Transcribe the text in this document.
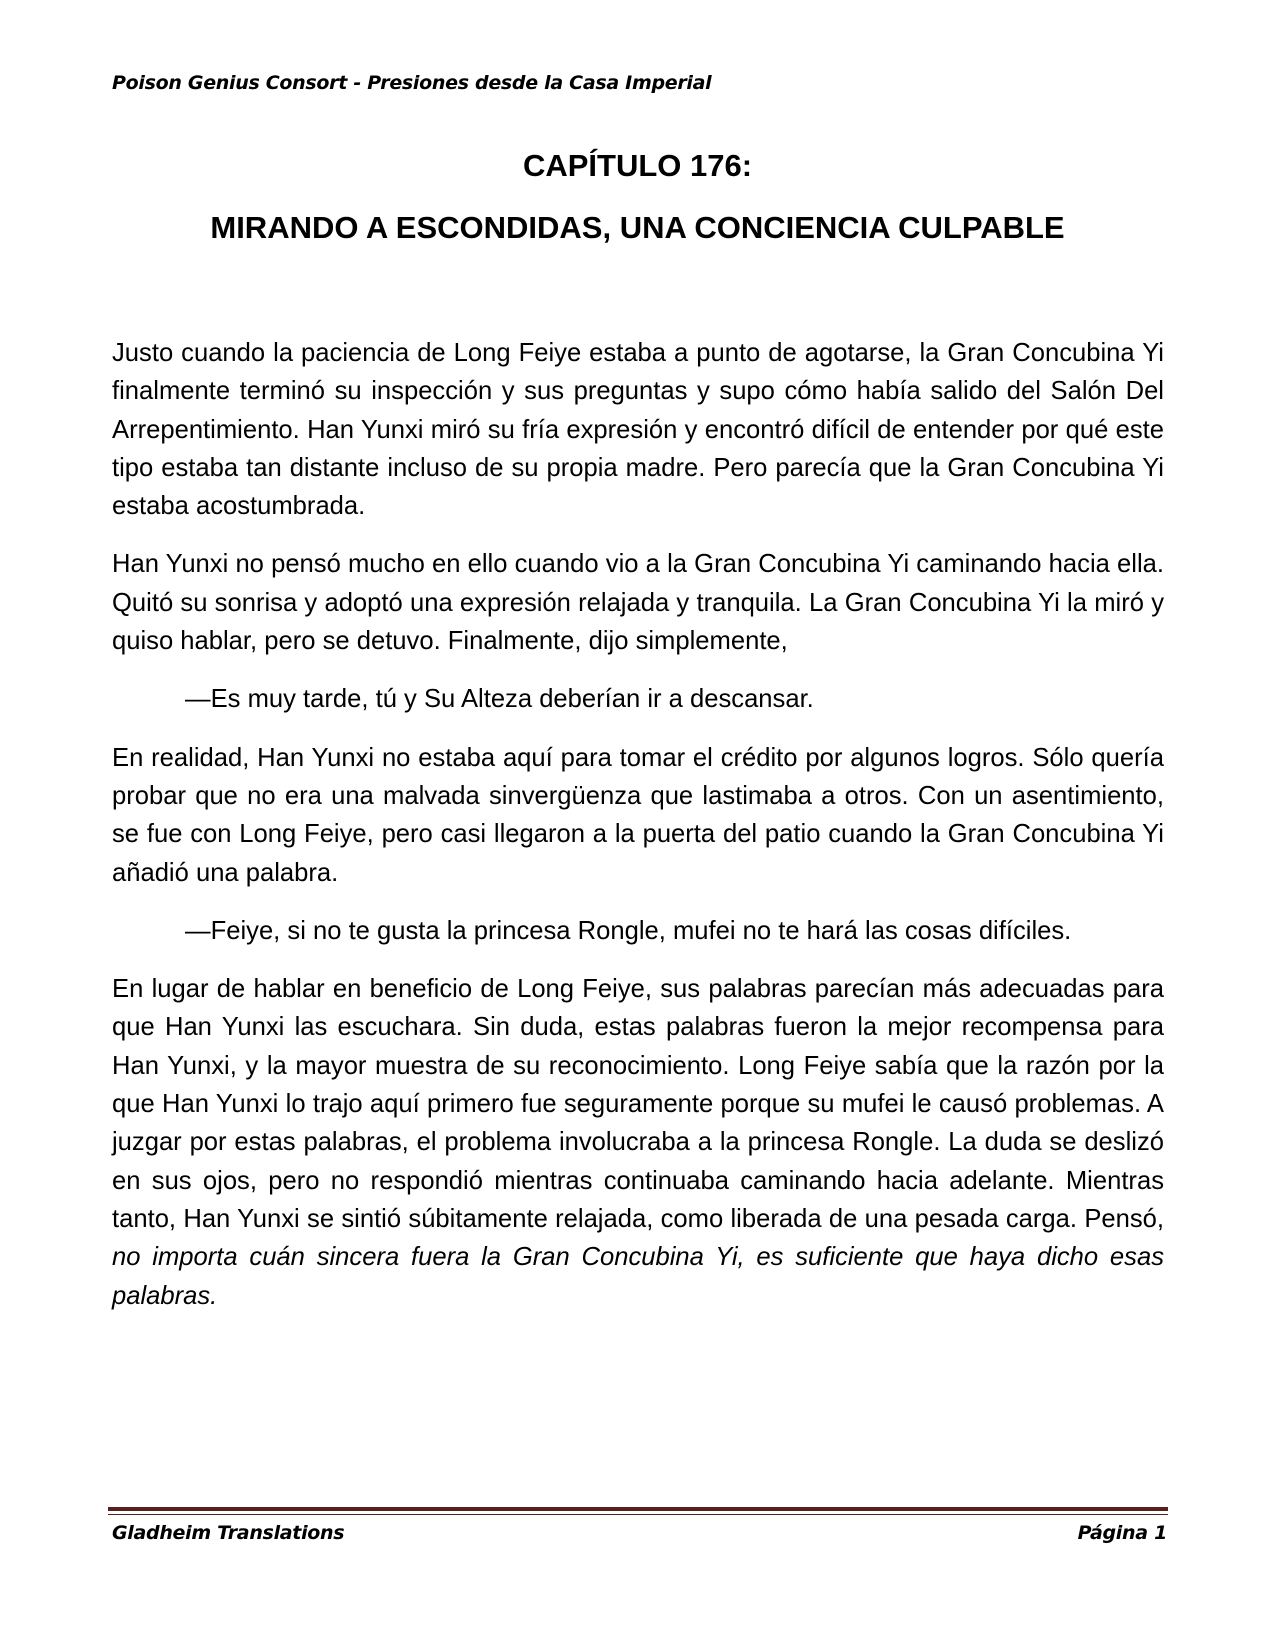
Poison Genius Consort - Presiones desde la Casa Imperial
CAPÍTULO 176:
MIRANDO A ESCONDIDAS, UNA CONCIENCIA CULPABLE

Justo cuando la paciencia de Long Feiye estaba a punto de agotarse, la Gran Concubina Yi finalmente terminó su inspección y sus preguntas y supo cómo había salido del Salón Del Arrepentimiento. Han Yunxi miró su fría expresión y encontró difícil de entender por qué este tipo estaba tan distante incluso de su propia madre. Pero parecía que la Gran Concubina Yi estaba acostumbrada.

Han Yunxi no pensó mucho en ello cuando vio a la Gran Concubina Yi caminando hacia ella. Quitó su sonrisa y adoptó una expresión relajada y tranquila. La Gran Concubina Yi la miró y quiso hablar, pero se detuvo. Finalmente, dijo simplemente,

—Es muy tarde, tú y Su Alteza deberían ir a descansar.

En realidad, Han Yunxi no estaba aquí para tomar el crédito por algunos logros. Sólo quería probar que no era una malvada sinvergüenza que lastimaba a otros. Con un asentimiento, se fue con Long Feiye, pero casi llegaron a la puerta del patio cuando la Gran Concubina Yi añadió una palabra.

—Feiye, si no te gusta la princesa Rongle, mufei no te hará las cosas difíciles.

En lugar de hablar en beneficio de Long Feiye, sus palabras parecían más adecuadas para que Han Yunxi las escuchara. Sin duda, estas palabras fueron la mejor recompensa para Han Yunxi, y la mayor muestra de su reconocimiento. Long Feiye sabía que la razón por la que Han Yunxi lo trajo aquí primero fue seguramente porque su mufei le causó problemas. A juzgar por estas palabras, el problema involucraba a la princesa Rongle. La duda se deslizó en sus ojos, pero no respondió mientras continuaba caminando hacia adelante. Mientras tanto, Han Yunxi se sintió súbitamente relajada, como liberada de una pesada carga. Pensó, no importa cuán sincera fuera la Gran Concubina Yi, es suficiente que haya dicho esas palabras.

Gladheim Translations	Página 1
